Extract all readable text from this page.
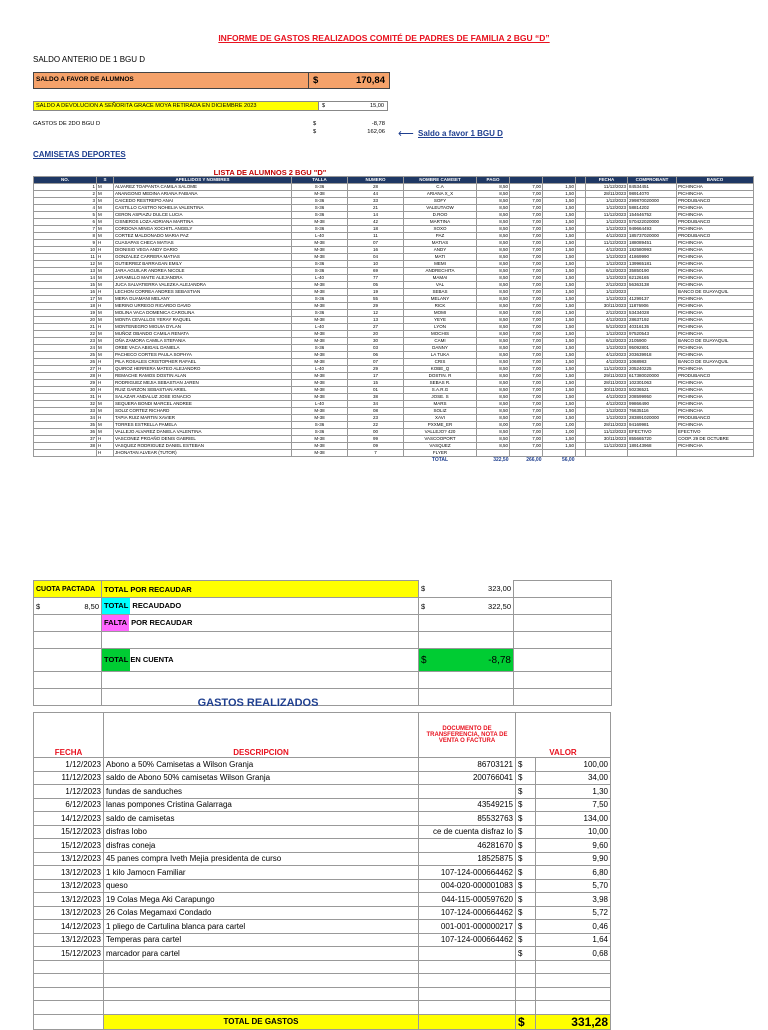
INFORME DE GASTOS REALIZADOS COMITÉ DE PADRES DE FAMILIA 2 BGU “D”
SALDO ANTERIO DE 1 BGU D
SALDO A FAVOR DE ALUMNOS	$	170,84
SALDO A DEVOLUCION A SEÑORITA GRACE MOYA RETIRADA EN DICIEMBRE 2023	$	15,00
GASTOS DE 2DO BGU D	$	-8,78
$	162,06 ⟵ Saldo a favor 1 BGU D
CAMISETAS DEPORTES
LISTA DE ALUMNOS 2 BGU "D"
NO.	S	APELLIDOS Y NOMBRES	TALLA	NUMERO	NOMBRE CAMISET	PAGO				FECHA	COMPROBANT	BANCO
1	M	ALVAREZ TOAPANTA CAMILA SALOME	S-36	28	C.A	8,50	7,00	1,50		11/12/2023	84534451	PICHINCHA
2	M	ANANGONO MEDINA ARIANA FABIANA	M-38	44	ARIANA X_X	8,50	7,00	1,50		28/11/2023	98914070	PICHINCHA
3	M	CAICEDO RESTREPO ANAI	S-36	33	SOFY	8,50	7,00	1,50		1/12/2023	299870020000	PRODUBANCO
4	M	CASTILLO CASTRO NOHELIA VALENTINA	S-36	21	VALEUTAOW	8,50	7,00	1,50		1/12/2023	58814202	PICHINCHA
5	M	CERON ASPIAZU DULCE LUCIA	S-36	14	D.ROO	8,50	7,00	1,50		11/12/2023	154646752	PICHINCHA
6	M	CISNEROS LOZA ADRIANA MARTINA	M-38	42	MARTINA	8,50	7,00	1,50		1/12/2023	570422020000	PRODUBANCO
7	M	CORDOVA MINGA XOCHITL ANGELY	S-36	18	XOXO	8,50	7,00	1,50		1/12/2023	949664493	PICHINCHA
8	M	CORTEZ MALDONADO MARIA PAZ	L-40	11	PAZ	8,50	7,00	1,50		4/12/2023	185737020000	PRODUBANCO
9	H	CUASAPAS CHECA MATIAS	M-38	07	MATIAS	8,50	7,00	1,50		11/12/2023	188089451	PICHINCHA
10	H	DIONISIO VEGA ANDY DARIO	M-38	16	ANDY	8,50	7,00	1,50		4/12/2023	182580993	PICHINCHA
11	H	GONZALEZ CARRERA MATIAS	M-38	04	MATI	8,50	7,00	1,50		1/12/2023	41869990	PICHINCHA
12	M	GUTIERREZ BARRAGAN EMILY	S-36	10	MEMI	8,50	7,00	1,50		1/12/2023	139965181	PICHINCHA
13	M	JARA AGUILAR ANDREA NICOLE	S-36	69	ANDRECHITA	8,50	7,00	1,50		6/12/2023	35850190	PICHINCHA
14	M	JARAMILLO MAITE ALEJANDRA	L-40	77	MAMAI	8,50	7,00	1,50		1/12/2023	62126165	PICHINCHA
15	M	JUCA SALVATIERRA VALEZKA ALEJANDRA	M-38	05	VAL	8,50	7,00	1,50		2/12/2023	56363138	PICHINCHA
16	H	LECHON CORREA ANDRES SEBASTIAN	M-38	19	SEBAS	8,50	7,00	1,50		1/12/2023		BANCO DE GUAYAQUIL
17	M	MERA GUAMANI MELANY	S-36	55	MELANY	8,50	7,00	1,50		1/12/2023	41299137	PICHINCHA
18	H	MERINO URREGO RICARDO DAVID	M-38	29	RICK	8,50	7,00	1,50		30/11/2023	11876906	PICHINCHA
19	M	MOLINA VACA DOMENICA CAROLINA	S-36	12	MOMI	8,50	7,00	1,50		2/12/2023	53434028	PICHINCHA
20	M	MONTA CEVALLOS YERAY RAQUEL	M-38	13	YEYE	8,50	7,00	1,50		4/12/2023	28637192	PICHINCHA
21	H	MONTENEGRO MIGUIA DYLAN	L-40	27	LYON	8,50	7,00	1,50		5/12/2023	40316135	PICHINCHA
22	M	MUÑOZ OBANDO CAMILA RENATA	M-38	20	MOCHIS	8,50	7,00	1,50		1/12/2023	97520543	PICHINCHA
23	M	OÑA ZAMORA CAMILA STEFANIA	M-38	30	CAMI	8,50	7,00	1,50		6/12/2023	2105900	BANCO DE GUAYAQUIL
24	M	ORBE VACA ABIGAIL DANIELA	S-36	03	DANNY	8,50	7,00	1,50		1/12/2023	95092801	PICHINCHA
25	M	PACHECO CORTES PAULA SOPHYA	M-38	06	LA TUKA	8,50	7,00	1,50		4/12/2023	203639918	PICHINCHA
26	H	PILA ROSALES CRISTOPHER RAFAEL	M-38	07	CRIS	8,50	7,00	1,50		4/12/2023	1068983	BANCO DE GUAYAQUIL
27	H	QUIROZ HERRERA MATEO ALEJANDRO	L-40	29	KOBE_Q	8,50	7,00	1,50		11/12/2023	205240225	PICHINCHA
28	H	REMACHE RAMOS DOSTIN ALAN	M-38	17	DOSTIN. R	8,50	7,00	1,50		29/11/2023	617380020000	PRODUBANCO
29	H	RODRIGUEZ MEJIA SEBASTIAN JAREN	M-38	15	SEBAS R.	8,50	7,00	1,50		28/11/2023	102301063	PICHINCHA
30	H	RUIZ GARZON SEBASTIAN ARIEL	M-38	01	S.A.R.G	8,50	7,00	1,50		30/11/2023	50236521	PICHINCHA
31	H	SALAZAR ANDALUZ JOSE IGNACIO	M-38	38	JOSE. S	8,50	7,00	1,50		4/12/2023	208599950	PICHINCHA
32	M	SEQUERA BONDI MARCEL ANDREE	L-40	34	MARS	8,50	7,00	1,50		4/12/2023	99866490	PICHINCHA
33	M	SOLIZ CORTEZ RICHARD	M-38	08	SOLIZ	8,50	7,00	1,50		1/12/2023	76635116	PICHINCHA
34	H	TAPIA RUIZ MARTIN XAVIER	M-38	23	XAVI	8,50	7,00	1,50		1/12/2023	283891020000	PRODUBANCO
35	M	TORRES ESTRELLA PAMELA	S-36	22	PXXME_ER	8,00	7,00	1,00		28/11/2023	94169981	PICHINCHA
36	M	VALLEJO ALVAREZ DANIELA VALENTINA	S-36	00	VALLEJO? 420	8,50	7,00	1,00		11/12/2023	EFECTIVO	EFECTIVO
37	H	VASCONEZ PROAÑO DENIS GABRIEL	M-38	99	VASCOOPORT	8,50	7,00	1,50		30/11/2023	855665720	COOP. 29 DE OCTUBRE
38	H	VASQUEZ RODRIGUEZ DANIEL ESTEBAN	M-38	09	VASQUEZ	8,50	7,00	1,50		11/12/2023	189143968	PICHINCHA
	H	JHONATAN ALVEAR (TUTOR)	M-38	7	FLYER							
					TOTAL	322,50	266,00	56,00				
CUOTA PACTADA	TOTAL POR RECAUDAR		$	323,00

$ 8,50	TOTAL RECAUDADO	$ 322,50	

	FALTA POR RECAUDAR		

	TOTAL EN CUENTA	$ -8,78	

GASTOS REALIZADOS
FECHA	DESCRIPCION	DOCUMENTO DE TRANSFERENCIA, NOTA DE VENTA O FACTURA	VALOR	
1/12/2023	Abono a 50% Camisetas a Wilson Granja	86703121	$	100,00
11/12/2023	saldo de Abono 50% camisetas Wilson Granja	200766041	$	34,00
1/12/2023	fundas de sanduches		$	1,30
6/12/2023	lanas pompones Cristina Galarraga	43549215	$	7,50
14/12/2023	saldo de camisetas	85532763	$	134,00
15/12/2023	disfras lobo	ce de cuenta disfraz lo	$	10,00
15/12/2023	disfras coneja	46281670	$	9,60
13/12/2023	45 panes compra Iveth Mejia presidenta de curso	18525875	$	9,90
13/12/2023	1 kilo Jamocn Familiar	107-124-000664462	$	6,80
13/12/2023	queso	004-020-000001083	$	5,70
13/12/2023	19 Colas Mega Aki Carapungo	044-115-000597620	$	3,98
13/12/2023	26 Colas Megamaxi Condado	107-124-000664462	$	5,72
14/12/2023	1 pliego de Cartulina blanca para cartel	001-001-000000217	$	0,46
13/12/2023	Temperas para cartel	107-124-000664462	$	1,64
15/12/2023	marcador para cartel		$	0,68

	TOTAL DE GASTOS		$	331,28
